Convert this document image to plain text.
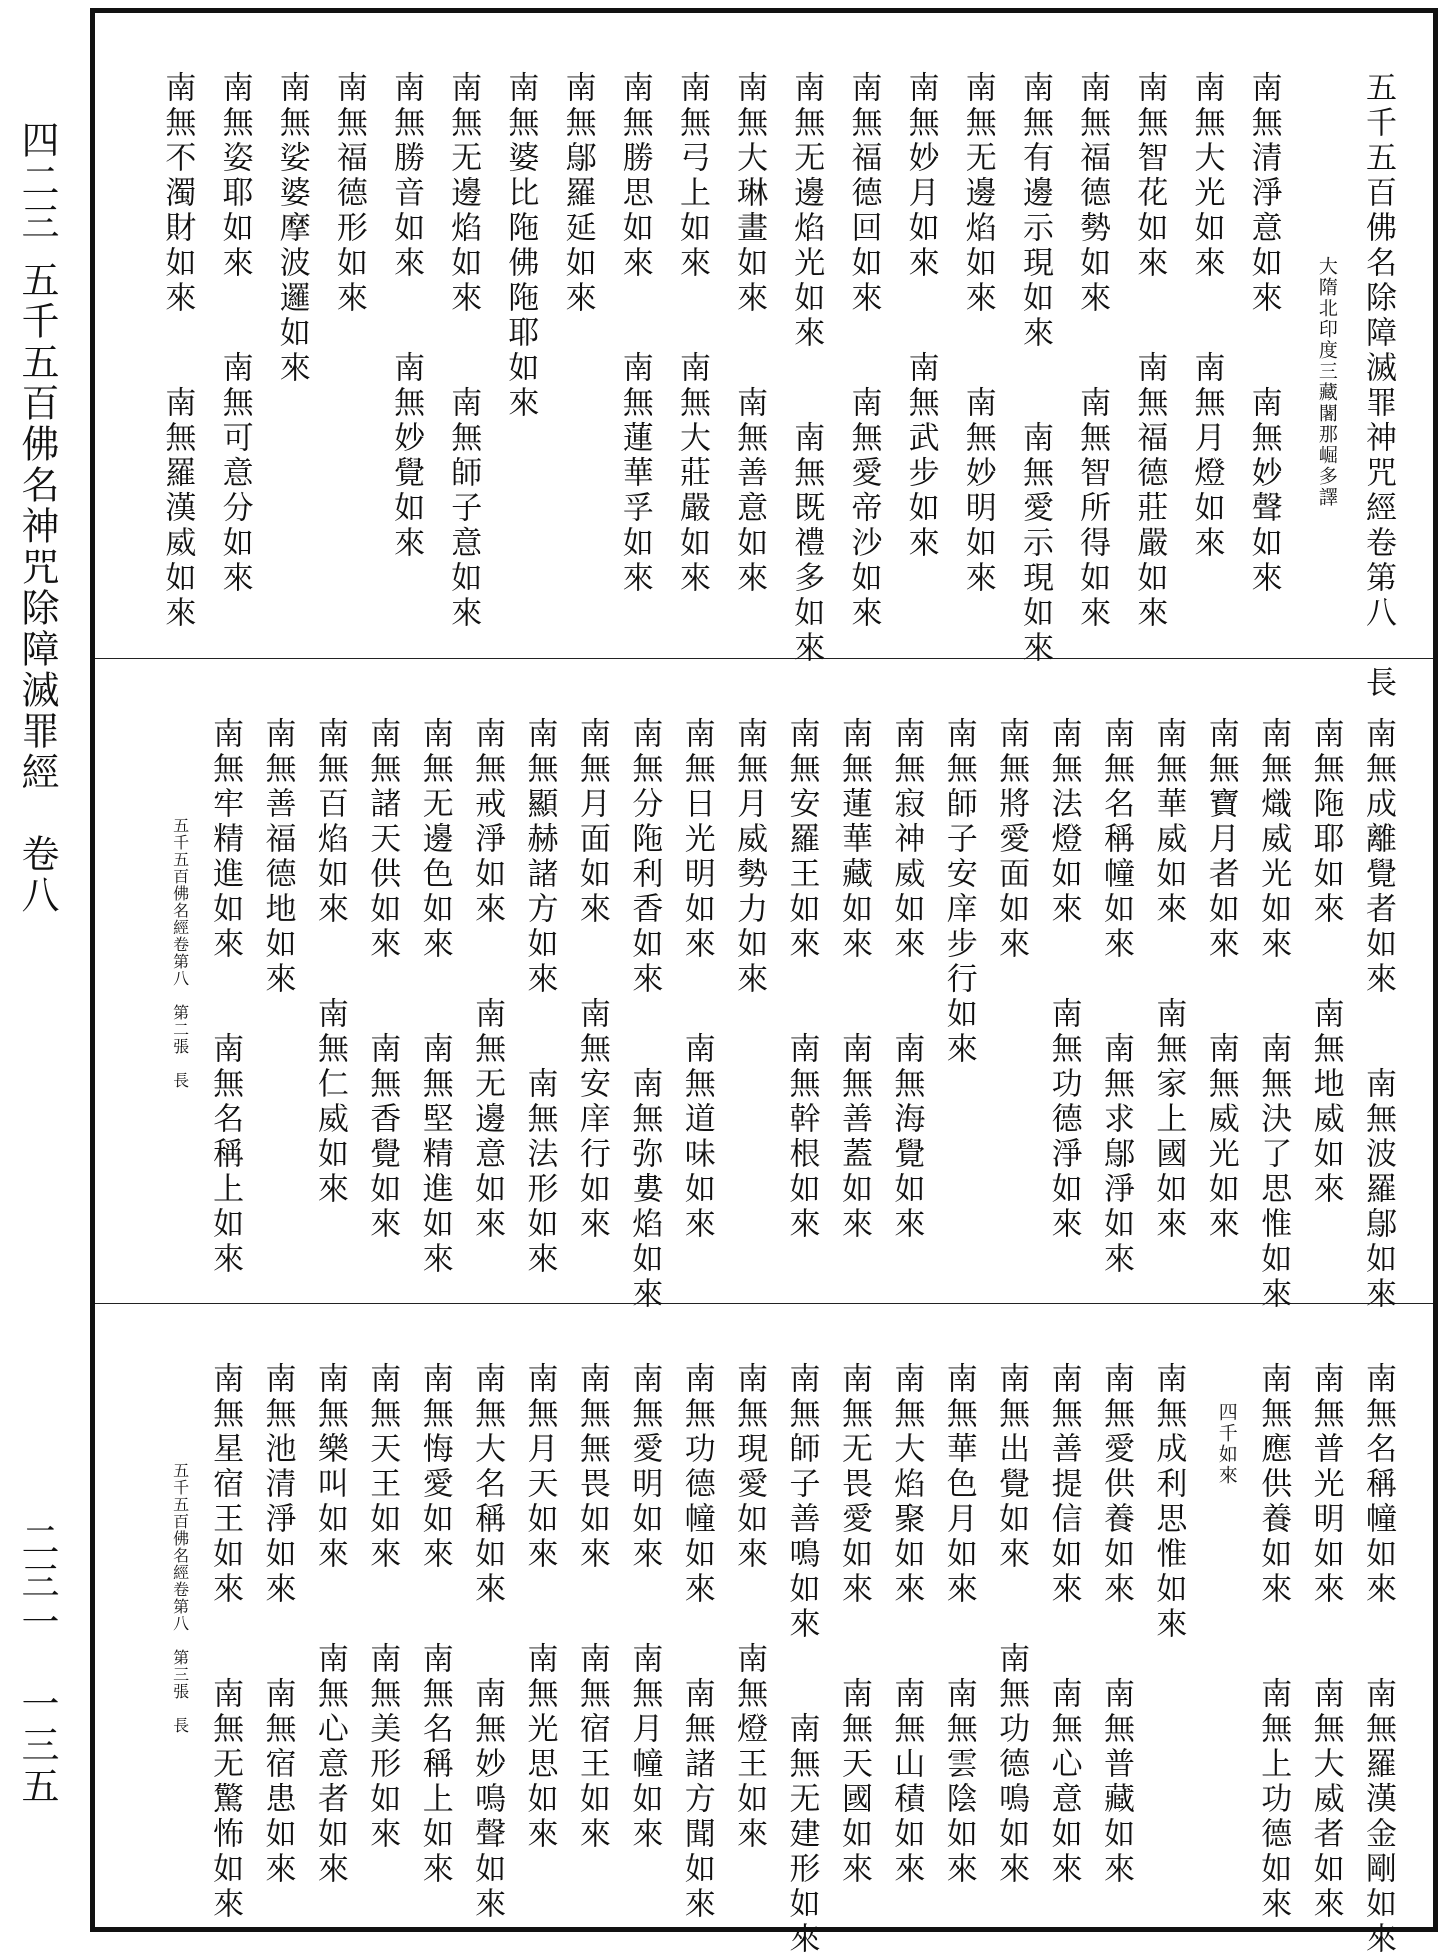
四二三
五千五百佛名神咒除障滅罪經　卷八
二三一　一三五
五千五百佛名除障滅罪神咒經卷第八　長
大隋北印度三藏闍那崛多譯
南無清淨意如來　　南無妙聲如來
南無大光如來　　南無月燈如來
南無智花如來　　南無福德莊嚴如來
南無福德勢如來　　南無智所得如來
南無有邊示現如來　　南無愛示現如來
南無无邊焰如來　　南無妙明如來
南無妙月如來　　南無武步如來
南無福德回如來　　南無愛帝沙如來
南無无邊焰光如來　　南無既禮多如來
南無大琳畫如來　　南無善意如來
南無弓上如來　　南無大莊嚴如來
南無勝思如來　　南無蓮華孚如來
南無鄔羅延如來
南無婆比陁佛陁耶如來
南無无邊焰如來　　南無師子意如來
南無勝音如來　　南無妙覺如來
南無福德形如來
南無娑婆摩波邏如來
南無姿耶如來　　南無可意分如來
南無不濁財如來　　南無羅漢威如來
南無成離覺者如來　　南無波羅鄔如來
南無陁耶如來　　南無地威如來
南無熾威光如來　　南無決了思惟如來
南無寶月者如來　　南無威光如來
南無華威如來　　南無家上國如來
南無名稱幢如來　　南無求鄔淨如來
南無法燈如來　　南無功德淨如來
南無將愛面如來
南無師子安庠步行如來
南無寂神威如來　　南無海覺如來
南無蓮華藏如來　　南無善蓋如來
南無安羅王如來　　南無幹根如來
南無月威勢力如來
南無日光明如來　　南無道味如來
南無分陁利香如來　　南無弥婁焰如來
南無月面如來　　南無安庠行如來
南無顯赫諸方如來　　南無法形如來
南無戒淨如來　　南無无邊意如來
南無无邊色如來　　南無堅精進如來
南無諸天供如來　　南無香覺如來
南無百焰如來　　南無仁威如來
南無善福德地如來
南無牢精進如來　　南無名稱上如來
五千五百佛名經卷第八　第二張　長
南無名稱幢如來　　南無羅漢金剛如來
南無普光明如來　　南無大威者如來
南無應供養如來　　南無上功德如來
四千如來
南無成利思惟如來
南無愛供養如來　　南無普藏如來
南無善提信如來　　南無心意如來
南無出覺如來　　南無功德鳴如來
南無華色月如來　　南無雲陰如來
南無大焰聚如來　　南無山積如來
南無无畏愛如來　　南無天國如來
南無師子善鳴如來　　南無无建形如來
南無現愛如來　　南無燈王如來
南無功德幢如來　　南無諸方聞如來
南無愛明如來　　南無月幢如來
南無無畏如來　　南無宿王如來
南無月天如來　　南無光思如來
南無大名稱如來　　南無妙鳴聲如來
南無悔愛如來　　南無名稱上如來
南無天王如來　　南無美形如來
南無樂叫如來　　南無心意者如來
南無池清淨如來　　南無宿患如來
南無星宿王如來　　南無无驚怖如來
五千五百佛名經卷第八　第三張　長
